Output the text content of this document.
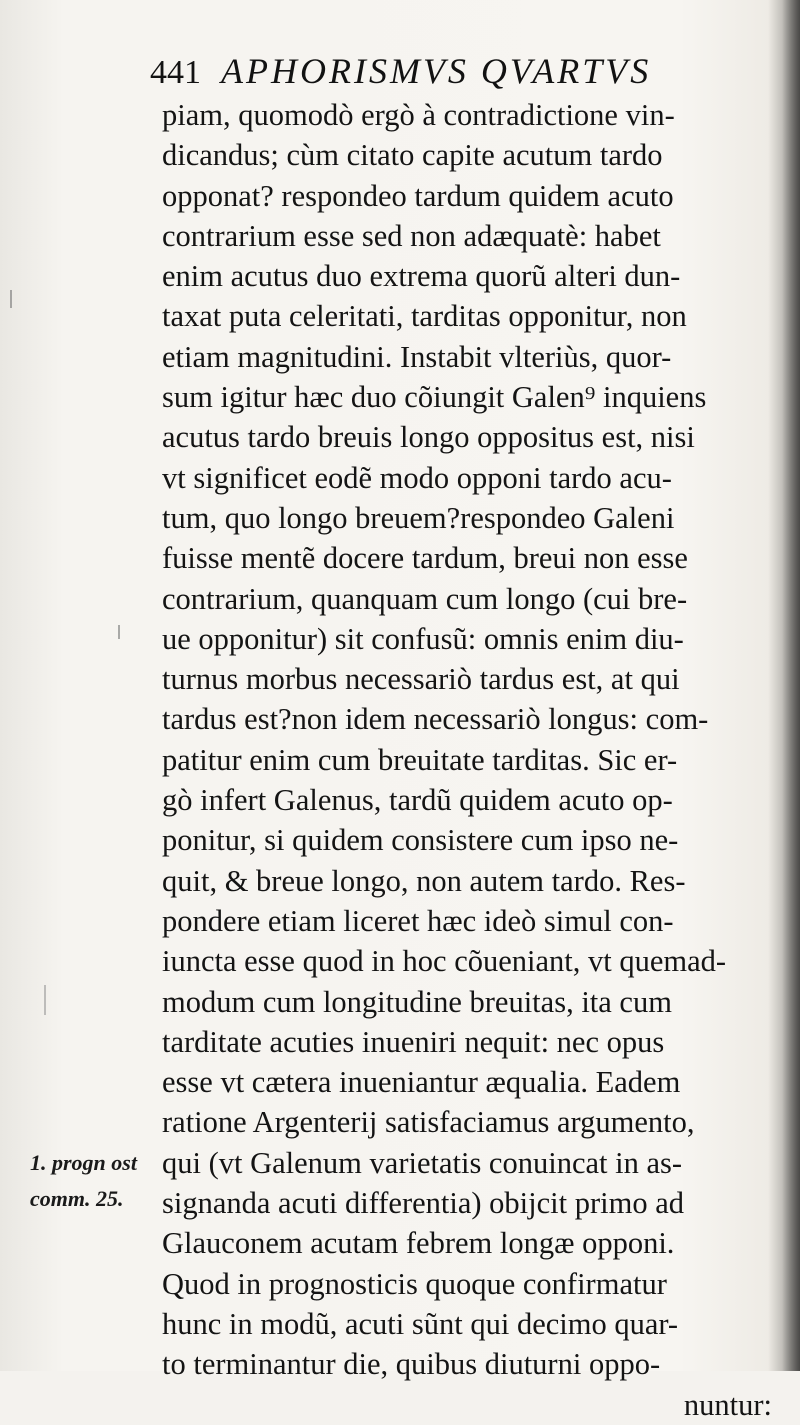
441 APHORISMVS QVARTVS
piam, quomodò ergò à contradictione vin-
dicandus; cùm citato capite acutum tardo
opponat? respondeo tardum quidem acuto
contrarium esse sed non adæquatè: habet
enim acutus duo extrema quorũ alteri dun-
taxat puta celeritati, tarditas opponitur, non
etiam magnitudini. Instabit vlteriùs, quor-
sum igitur hæc duo cõiungit Galen⁹ inquiens
acutus tardo breuis longo oppositus est, nisi
vt significet eodẽ modo opponi tardo acu-
tum, quo longo breuem?respondeo Galeni
fuisse mentẽ docere tardum, breui non esse
contrarium, quanquam cum longo (cui bre-
ue opponitur) sit confusũ: omnis enim diu-
turnus morbus necessariò tardus est, at qui
tardus est?non idem necessariò longus: com-
patitur enim cum breuitate tarditas. Sic er-
gò infert Galenus, tardũ quidem acuto op-
ponitur, si quidem consistere cum ipso ne-
quit, & breue longo, non autem tardo. Res-
pondere etiam liceret hæc ideò simul con-
iuncta esse quod in hoc cõueniant, vt quemad-
modum cum longitudine breuitas, ita cum
tarditate acuties inueniri nequit: nec opus
esse vt cætera inueniantur æqualia. Eadem
ratione Argenterij satisfaciamus argumento,
qui (vt Galenum varietatis conuincat in as-
signanda acuti differentia) obijcit primo ad
Glauconem acutam febrem longæ opponi.
Quod in prognosticis quoque confirmatur
hunc in modũ, acuti sũnt qui decimo quar-
to terminantur die, quibus diuturni oppo-
nuntur:
1. progn ost
comm. 25.
